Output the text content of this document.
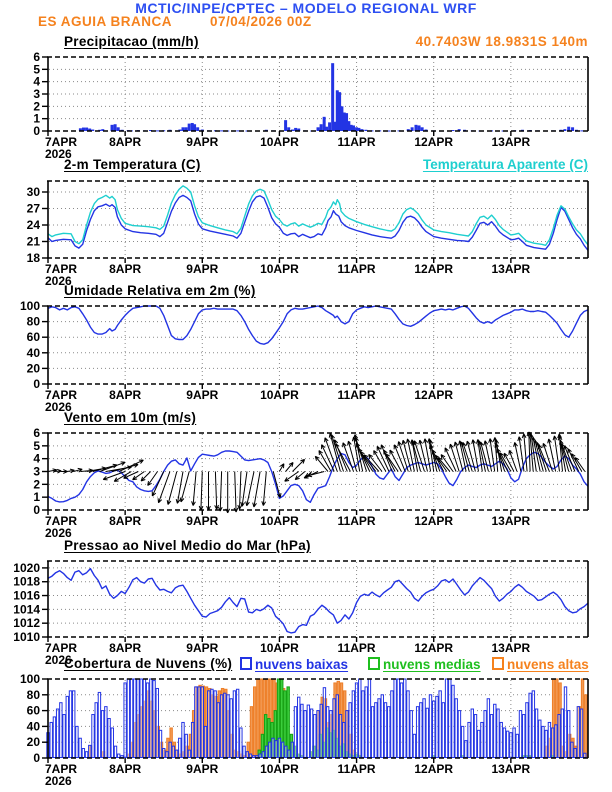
0
1
2
3
4
5
6
7APR
2026
8APR	9APR	10APR	11APR	12APR	13APR
18
21
24
27
30
7APR
2026
8APR	9APR	10APR	11APR	12APR	13APR
0
20
40
60
80
100
7APR
2026
8APR	9APR	10APR	11APR	12APR	13APR
0
1
2
3
4
5
6
7APR
2026
8APR	9APR	10APR	11APR	12APR	13APR
1010
1012
1014
1016
1018
1020
7APR
2026
8APR	9APR	10APR	11APR	12APR	13APR
0
20
40
60
80
100
7APR
2026
8APR	9APR	10APR	11APR	12APR	13APR
MCTIC/INPE/CPTEC – MODELO REGIONAL WRF
ES AGUIA BRANCA	07/04/2026 00Z
40.7403W 18.9831S 140m
Precipitacao (mm/h)
2-m Temperatura (C)	Temperatura Aparente (C)
Umidade Relativa em 2m (%)
Vento em 10m (m/s)
Pressao ao Nivel Medio do Mar (hPa)
Cobertura de Nuvens (%)	nuvens baixas	nuvens medias	nuvens altas
